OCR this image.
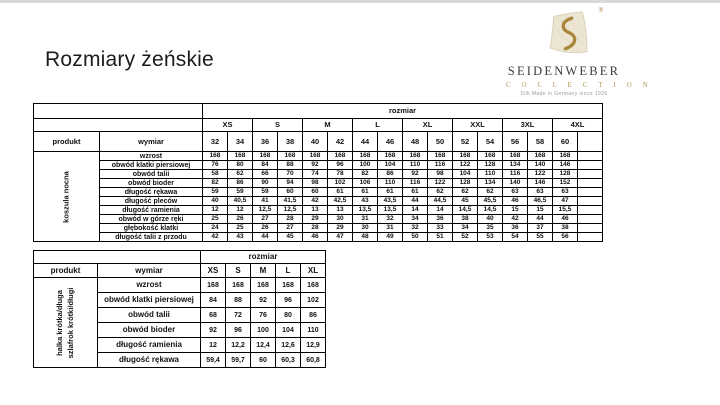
Rozmiary żeńskie
®
SEIDENWEBER
C O L L E C T I O N
Silk Made in Germany since 1926
		rozmiar															
		XS		S		M		L		XL		XXL		3XL		4XL	
produkt	wymiar	32	34	36	38	40	42	44	46	48	50	52	54	56	58	60	

koszula nocna	wzrost	168	168	168	168	168	168	168	168	168	168	168	168	168	168	168	
	obwód klatki piersiowej	76	80	84	88	92	96	100	104	110	116	122	128	134	140	146	
	obwód talii	58	62	66	70	74	78	82	86	92	98	104	110	116	122	128	
	obwód bioder	82	86	90	94	98	102	106	110	116	122	128	134	140	146	152	
	długość rękawa	59	59	59	60	60	61	61	61	61	62	62	62	63	63	63	
	długość pleców	40	40,5	41	41,5	42	42,5	43	43,5	44	44,5	45	45,5	46	46,5	47	
	długość ramienia	12	12	12,5	12,5	13	13	13,5	13,5	14	14	14,5	14,5	15	15	15,5	
	obwód w górze ręki	25	26	27	28	29	30	31	32	34	36	38	40	42	44	46	
	głębokość klatki	24	25	26	27	28	29	30	31	32	33	34	35	36	37	38	
	długość talii z przodu	42	43	44	45	46	47	48	49	50	51	52	53	54	55	56	
		rozmiar				
produkt	wymiar	XS	S	M	L	XL

halka krótka/długa szlafrok krótki/długi	wzrost	168	168	168	168	168
	obwód klatki piersiowej	84	88	92	96	102
	obwód talii	68	72	76	80	86
	obwód bioder	92	96	100	104	110
	długość ramienia	12	12,2	12,4	12,6	12,9
	długość rękawa	59,4	59,7	60	60,3	60,8
